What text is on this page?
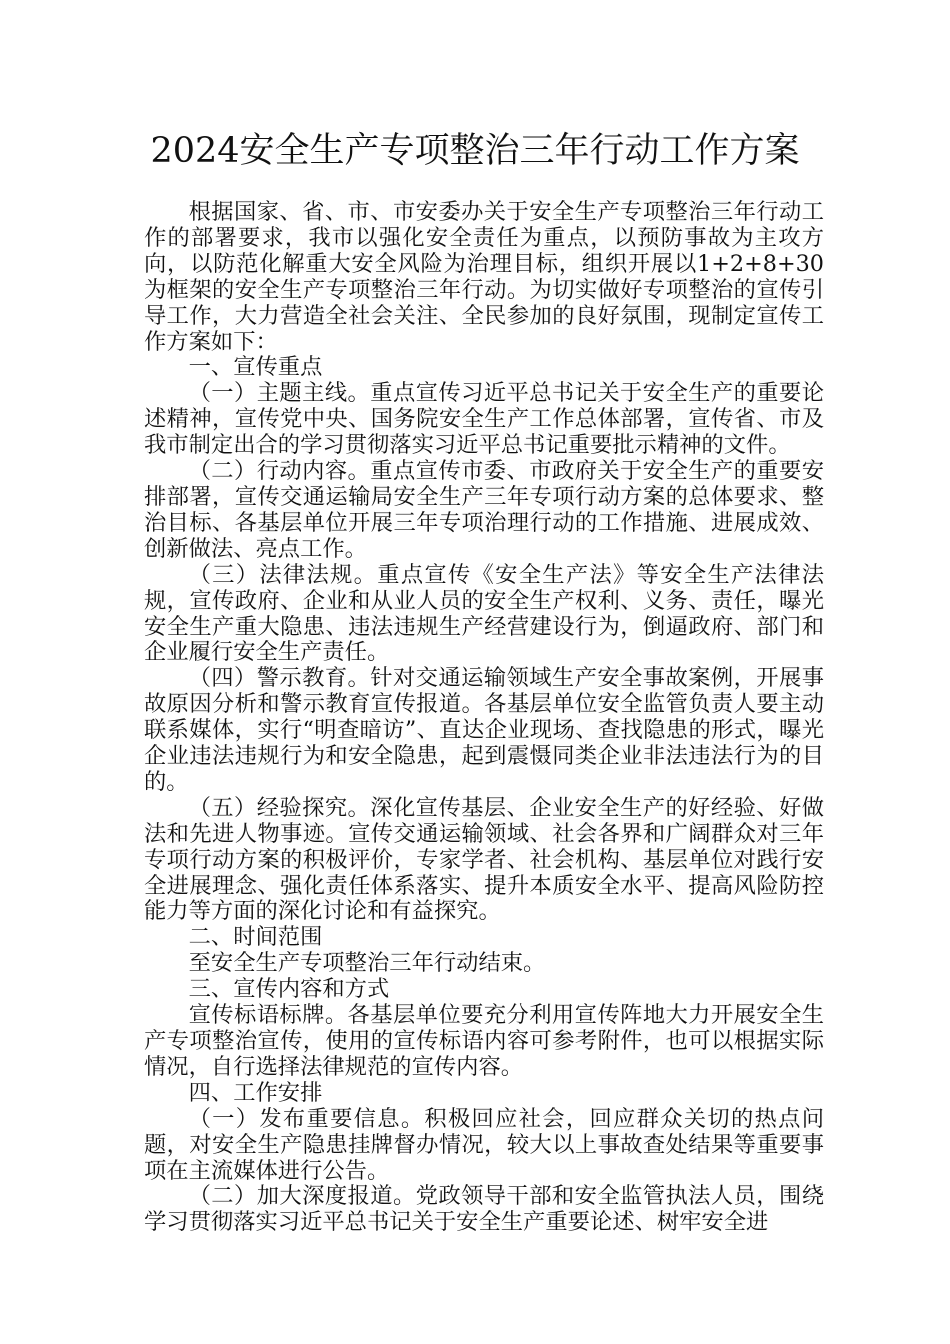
2024安全生产专项整治三年行动工作方案

根据国家、省、市、市安委办关于安全生产专项整治三年行动工作的部署要求，我市以强化安全责任为重点，以预防事故为主攻方向，以防范化解重大安全风险为治理目标，组织开展以1+2+8+30为框架的安全生产专项整治三年行动。为切实做好专项整治的宣传引导工作，大力营造全社会关注、全民参加的良好氛围，现制定宣传工作方案如下：

一、宣传重点

（一）主题主线。重点宣传习近平总书记关于安全生产的重要论述精神，宣传党中央、国务院安全生产工作总体部署，宣传省、市及我市制定出合的学习贯彻落实习近平总书记重要批示精神的文件。

（二）行动内容。重点宣传市委、市政府关于安全生产的重要安排部署，宣传交通运输局安全生产三年专项行动方案的总体要求、整治目标、各基层单位开展三年专项治理行动的工作措施、进展成效、创新做法、亮点工作。

（三）法律法规。重点宣传《安全生产法》等安全生产法律法规，宣传政府、企业和从业人员的安全生产权利、义务、责任，曝光安全生产重大隐患、违法违规生产经营建设行为，倒逼政府、部门和企业履行安全生产责任。

（四）警示教育。针对交通运输领域生产安全事故案例，开展事故原因分析和警示教育宣传报道。各基层单位安全监管负责人要主动联系媒体，实行“明查暗访”、直达企业现场、查找隐患的形式，曝光企业违法违规行为和安全隐患，起到震慑同类企业非法违法行为的目的。

（五）经验探究。深化宣传基层、企业安全生产的好经验、好做法和先进人物事迹。宣传交通运输领域、社会各界和广阔群众对三年专项行动方案的积极评价，专家学者、社会机构、基层单位对践行安全进展理念、强化责任体系落实、提升本质安全水平、提高风险防控能力等方面的深化讨论和有益探究。

二、时间范围

至安全生产专项整治三年行动结束。

三、宣传内容和方式

宣传标语标牌。各基层单位要充分利用宣传阵地大力开展安全生产专项整治宣传，使用的宣传标语内容可参考附件，也可以根据实际情况，自行选择法律规范的宣传内容。

四、工作安排

（一）发布重要信息。积极回应社会，回应群众关切的热点问题，对安全生产隐患挂牌督办情况，较大以上事故查处结果等重要事项在主流媒体进行公告。

（二）加大深度报道。党政领导干部和安全监管执法人员，围绕学习贯彻落实习近平总书记关于安全生产重要论述、树牢安全进
